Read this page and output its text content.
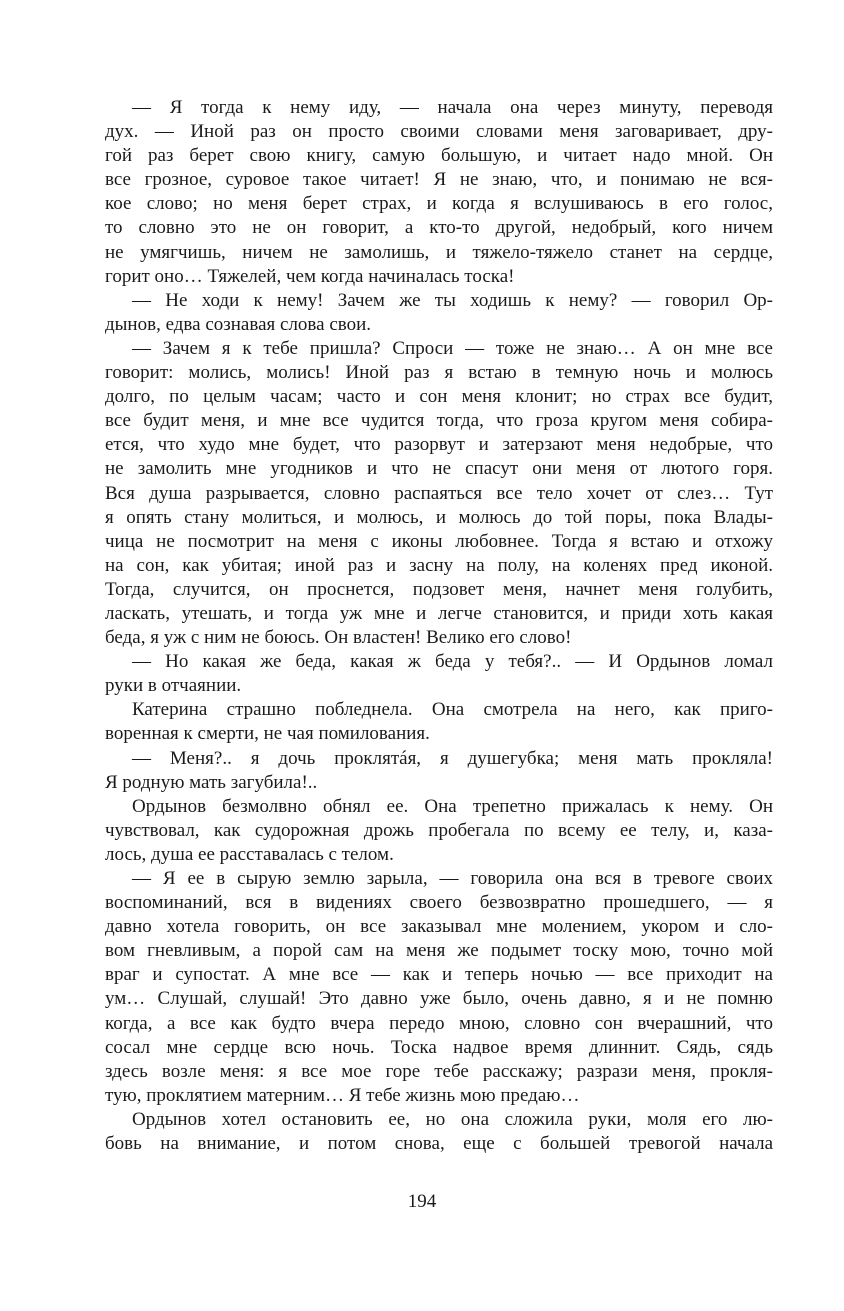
— Я тогда к нему иду, — начала она через минуту, переводя
дух. — Иной раз он просто своими словами меня заговаривает, дру-
гой раз берет свою книгу, самую большую, и читает надо мной. Он
все грозное, суровое такое читает! Я не знаю, что, и понимаю не вся-
кое слово; но меня берет страх, и когда я вслушиваюсь в его голос,
то словно это не он говорит, а кто-то другой, недобрый, кого ничем
не умягчишь, ничем не замолишь, и тяжело-тяжело станет на сердце,
горит оно… Тяжелей, чем когда начиналась тоска!
— Не ходи к нему! Зачем же ты ходишь к нему? — говорил Ор-
дынов, едва сознавая слова свои.
— Зачем я к тебе пришла? Спроси — тоже не знаю… А он мне все
говорит: молись, молись! Иной раз я встаю в темную ночь и молюсь
долго, по целым часам; часто и сон меня клонит; но страх все будит,
все будит меня, и мне все чудится тогда, что гроза кругом меня собира-
ется, что худо мне будет, что разорвут и затерзают меня недобрые, что
не замолить мне угодников и что не спасут они меня от лютого горя.
Вся душа разрывается, словно распаяться все тело хочет от слез… Тут
я опять стану молиться, и молюсь, и молюсь до той поры, пока Влады-
чица не посмотрит на меня с иконы любовнее. Тогда я встаю и отхожу
на сон, как убитая; иной раз и засну на полу, на коленях пред иконой.
Тогда, случится, он проснется, подзовет меня, начнет меня голубить,
ласкать, утешать, и тогда уж мне и легче становится, и приди хоть какая
беда, я уж с ним не боюсь. Он властен! Велико его слово!
— Но какая же беда, какая ж беда у тебя?.. — И Ордынов ломал
руки в отчаянии.
Катерина страшно побледнела. Она смотрела на него, как приго-
воренная к смерти, не чая помилования.
— Меня?.. я дочь проклятáя, я душегубка; меня мать прокляла!
Я родную мать загубила!..
Ордынов безмолвно обнял ее. Она трепетно прижалась к нему. Он
чувствовал, как судорожная дрожь пробегала по всему ее телу, и, каза-
лось, душа ее расставалась с телом.
— Я ее в сырую землю зарыла, — говорила она вся в тревоге своих
воспоминаний, вся в видениях своего безвозвратно прошедшего, — я
давно хотела говорить, он все заказывал мне молением, укором и сло-
вом гневливым, а порой сам на меня же подымет тоску мою, точно мой
враг и супостат. А мне все — как и теперь ночью — все приходит на
ум… Слушай, слушай! Это давно уже было, очень давно, я и не помню
когда, а все как будто вчера передо мною, словно сон вчерашний, что
сосал мне сердце всю ночь. Тоска надвое время длиннит. Сядь, сядь
здесь возле меня: я все мое горе тебе расскажу; разрази меня, прокля-
тую, проклятием матерним… Я тебе жизнь мою предаю…
Ордынов хотел остановить ее, но она сложила руки, моля его лю-
бовь на внимание, и потом снова, еще с большей тревогой начала
194
